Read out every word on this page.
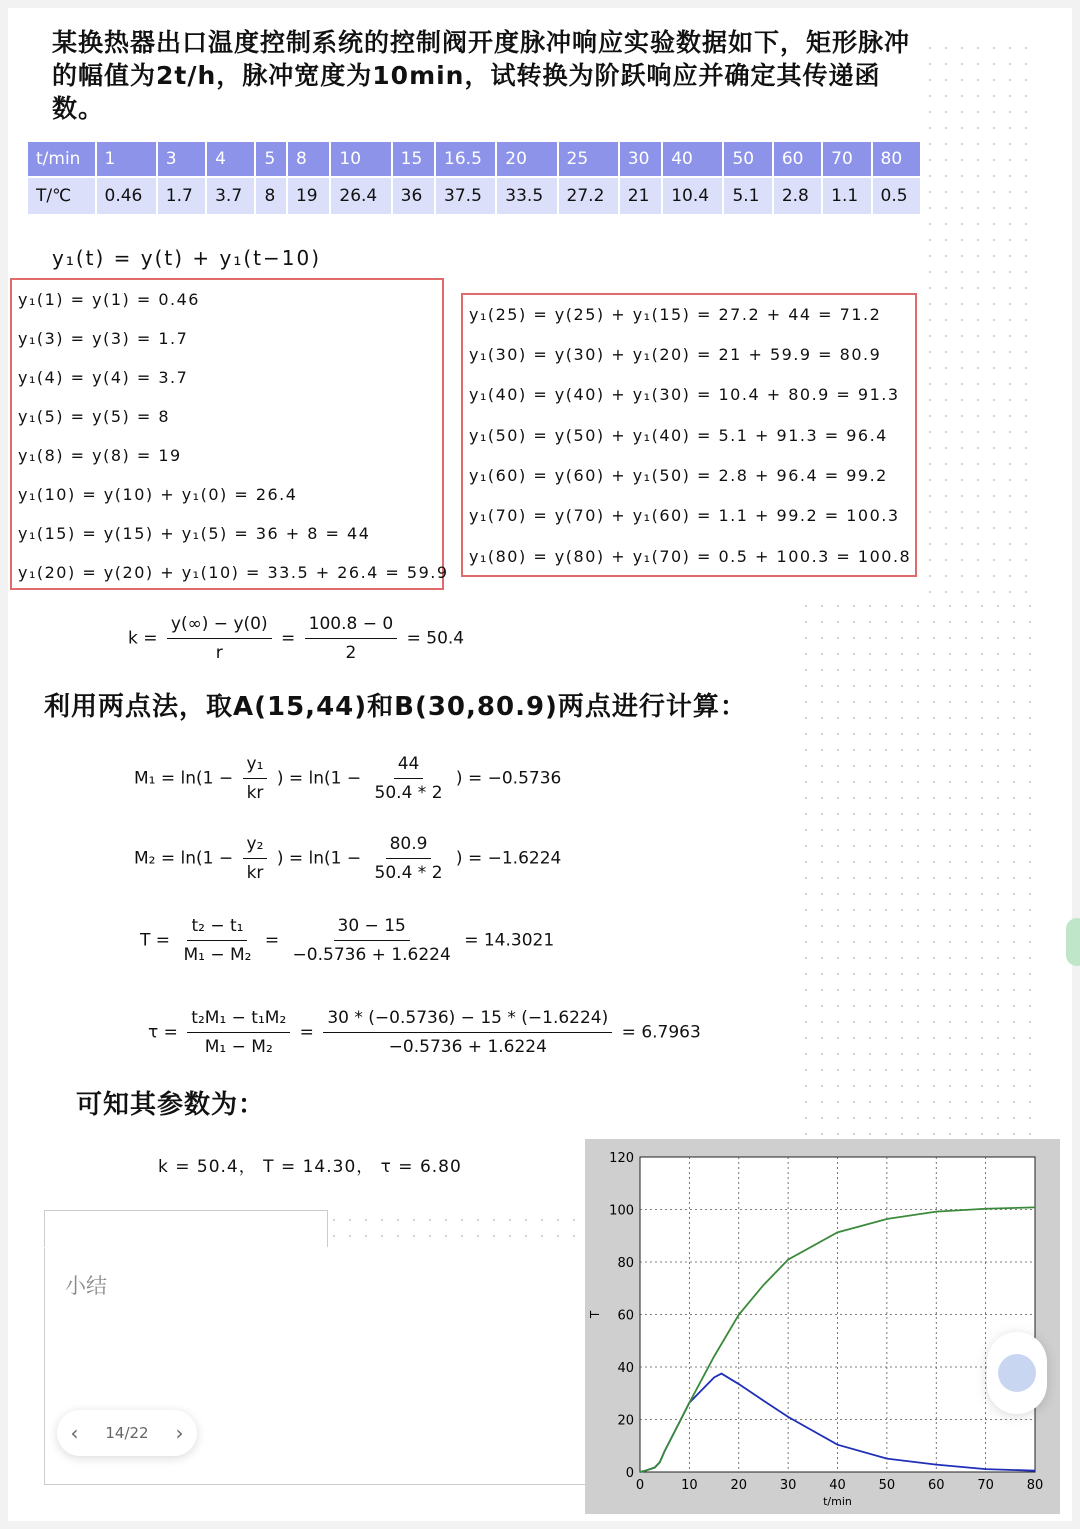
某换热器出口温度控制系统的控制阀开度脉冲响应实验数据如下，矩形脉冲的幅值为2t/h，脉冲宽度为10min，试转换为阶跃响应并确定其传递函数。
t/min	1	3	4	5	8	10	15	16.5	20	25	30	40	50	60	70	80
T/℃	0.46	1.7	3.7	8	19	26.4	36	37.5	33.5	27.2	21	10.4	5.1	2.8	1.1	0.5
y₁(t) = y(t) + y₁(t−10)
y₁(1) = y(1) = 0.46
y₁(3) = y(3) = 1.7
y₁(4) = y(4) = 3.7
y₁(5) = y(5) = 8
y₁(8) = y(8) = 19
y₁(10) = y(10) + y₁(0) = 26.4
y₁(15) = y(15) + y₁(5) = 36 + 8 = 44
y₁(20) = y(20) + y₁(10) = 33.5 + 26.4 = 59.9
y₁(25) = y(25) + y₁(15) = 27.2 + 44 = 71.2
y₁(30) = y(30) + y₁(20) = 21 + 59.9 = 80.9
y₁(40) = y(40) + y₁(30) = 10.4 + 80.9 = 91.3
y₁(50) = y(50) + y₁(40) = 5.1 + 91.3 = 96.4
y₁(60) = y(60) + y₁(50) = 2.8 + 96.4 = 99.2
y₁(70) = y(70) + y₁(60) = 1.1 + 99.2 = 100.3
y₁(80) = y(80) + y₁(70) = 0.5 + 100.3 = 100.8
$k = \frac{y(\infty) - y(0)}{r} = \frac{100.8 - 0}{2} = 50.4$
利用两点法，取A(15,44)和B(30,80.9)两点进行计算：
$M_1 = \ln(1 - \frac{\text{y₁}}{kr}$ ) = $\ln(1 - \frac{44}{50.4 * 2}$ ) = −0.5736
$M_2 = \ln(1 - \frac{\text{y₂}}{kr}$ ) = $\ln(1 - \frac{80.9}{50.4 * 2}$ ) = −1.6224
$T = \frac{\text{t₂ − t₁}}{\text{M₁ − M₂}} = \frac{30 - 15}{-0.5736 + 1.6224} = 14.3021$
$\tau = \frac{\text{t₂M₁ − t₁M₂}}{\text{M₁ − M₂}} = \frac{30 * (-0.5736) - 15 * (-1.6224)}{-0.5736 + 1.6224} = 6.7963$
可知其参数为：
k = 50.4， T = 14.30， τ = 6.80
小结
‹ 14/22 ›
0	10	20	30	40	50	60	70	80
0
20
40
60
80
100
120
t/min
T
